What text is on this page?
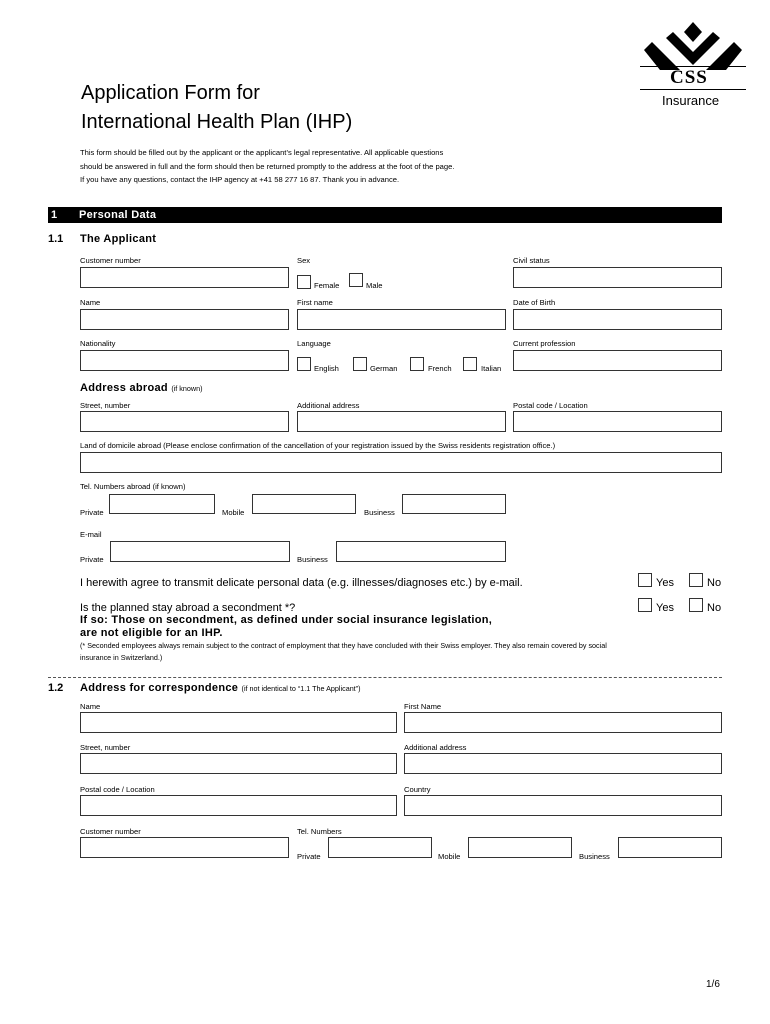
CSS
Insurance
Application Form for
International Health Plan (IHP)
This form should be filled out by the applicant or the applicant’s legal representative. All applicable questions
should be answered in full and the form should then be returned promptly to the address at the foot of the page.
If you have any questions, contact the IHP agency at +41 58 277 16 87. Thank you in advance.
1 Personal Data
1.1 The Applicant
Customer number	Sex	Civil status
Female	Male
Name	First name	Date of Birth
Nationality	Language	Current profession
English	German	French	Italian
Address abroad (if known)
Street, number	Additional address	Postal code / Location
Land of domicile abroad (Please enclose confirmation of the cancellation of your registration issued by the Swiss residents registration office.)
Tel. Numbers abroad (if known)
Private	Mobile	Business
E-mail
Private	Business
I herewith agree to transmit delicate personal data (e.g. illnesses/diagnoses etc.) by e-mail.	Yes	No
Is the planned stay abroad a secondment *?	Yes	No
If so: Those on secondment, as defined under social insurance legislation,
are not eligible for an IHP.
(* Seconded employees always remain subject to the contract of employment that they have concluded with their Swiss employer. They also remain covered by social
insurance in Switzerland.)
1.2 Address for correspondence (if not identical to “1.1 The Applicant”)
Name	First Name
Street, number	Additional address
Postal code / Location	Country
Customer number	Tel. Numbers
Private	Mobile	Business
1/6
